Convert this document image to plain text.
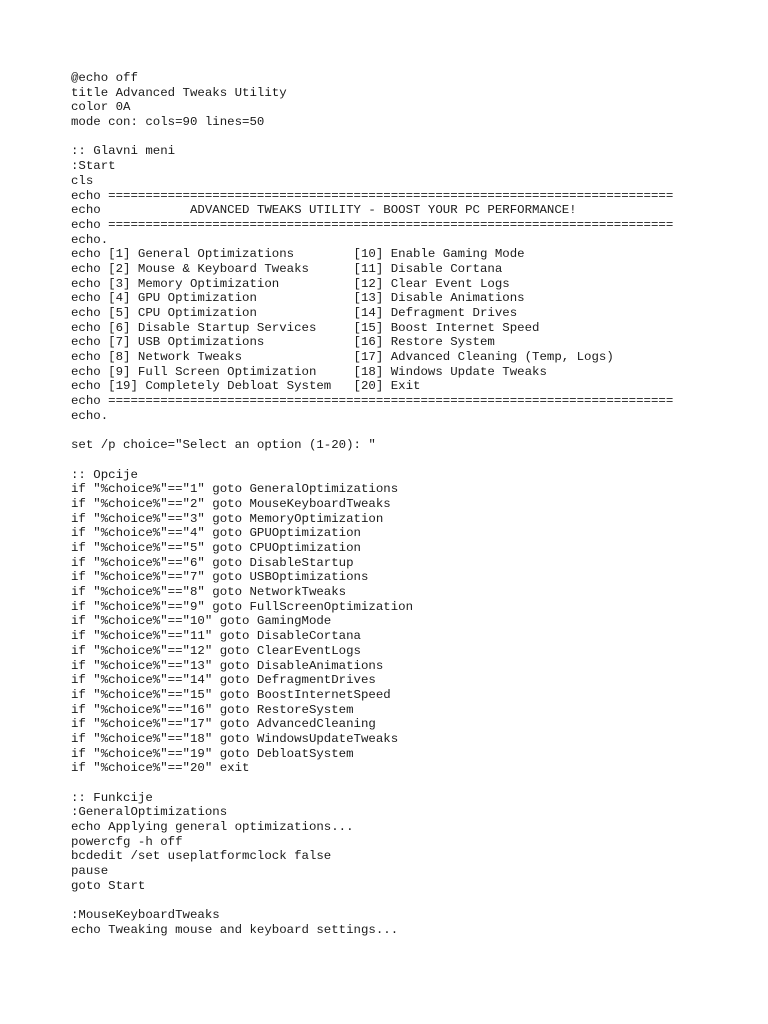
@echo off
title Advanced Tweaks Utility
color 0A
mode con: cols=90 lines=50
:: Glavni meni
:Start
cls
echo ============================================================================
echo            ADVANCED TWEAKS UTILITY - BOOST YOUR PC PERFORMANCE!
echo ============================================================================
echo.
echo [1] General Optimizations        [10] Enable Gaming Mode
echo [2] Mouse & Keyboard Tweaks      [11] Disable Cortana
echo [3] Memory Optimization          [12] Clear Event Logs
echo [4] GPU Optimization             [13] Disable Animations
echo [5] CPU Optimization             [14] Defragment Drives
echo [6] Disable Startup Services     [15] Boost Internet Speed
echo [7] USB Optimizations            [16] Restore System
echo [8] Network Tweaks               [17] Advanced Cleaning (Temp, Logs)
echo [9] Full Screen Optimization     [18] Windows Update Tweaks
echo [19] Completely Debloat System   [20] Exit
echo ============================================================================
echo.
set /p choice="Select an option (1-20): "
:: Opcije
if "%choice%"=="1" goto GeneralOptimizations
if "%choice%"=="2" goto MouseKeyboardTweaks
if "%choice%"=="3" goto MemoryOptimization
if "%choice%"=="4" goto GPUOptimization
if "%choice%"=="5" goto CPUOptimization
if "%choice%"=="6" goto DisableStartup
if "%choice%"=="7" goto USBOptimizations
if "%choice%"=="8" goto NetworkTweaks
if "%choice%"=="9" goto FullScreenOptimization
if "%choice%"=="10" goto GamingMode
if "%choice%"=="11" goto DisableCortana
if "%choice%"=="12" goto ClearEventLogs
if "%choice%"=="13" goto DisableAnimations
if "%choice%"=="14" goto DefragmentDrives
if "%choice%"=="15" goto BoostInternetSpeed
if "%choice%"=="16" goto RestoreSystem
if "%choice%"=="17" goto AdvancedCleaning
if "%choice%"=="18" goto WindowsUpdateTweaks
if "%choice%"=="19" goto DebloatSystem
if "%choice%"=="20" exit
:: Funkcije
:GeneralOptimizations
echo Applying general optimizations...
powercfg -h off
bcdedit /set useplatformclock false
pause
goto Start
:MouseKeyboardTweaks
echo Tweaking mouse and keyboard settings...
